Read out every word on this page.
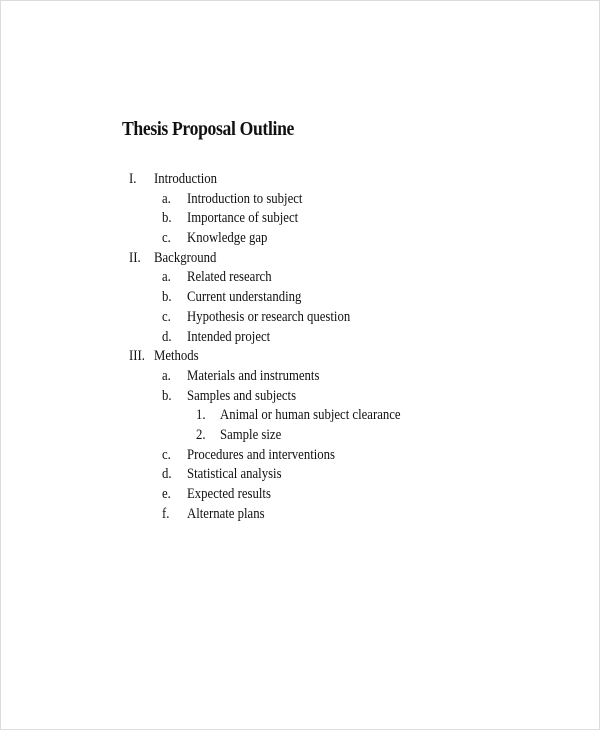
Thesis Proposal Outline
I. Introduction
a. Introduction to subject
b. Importance of subject
c. Knowledge gap
II. Background
a. Related research
b. Current understanding
c. Hypothesis or research question
d. Intended project
III. Methods
a. Materials and instruments
b. Samples and subjects
1. Animal or human subject clearance
2. Sample size
c. Procedures and interventions
d. Statistical analysis
e. Expected results
f. Alternate plans
